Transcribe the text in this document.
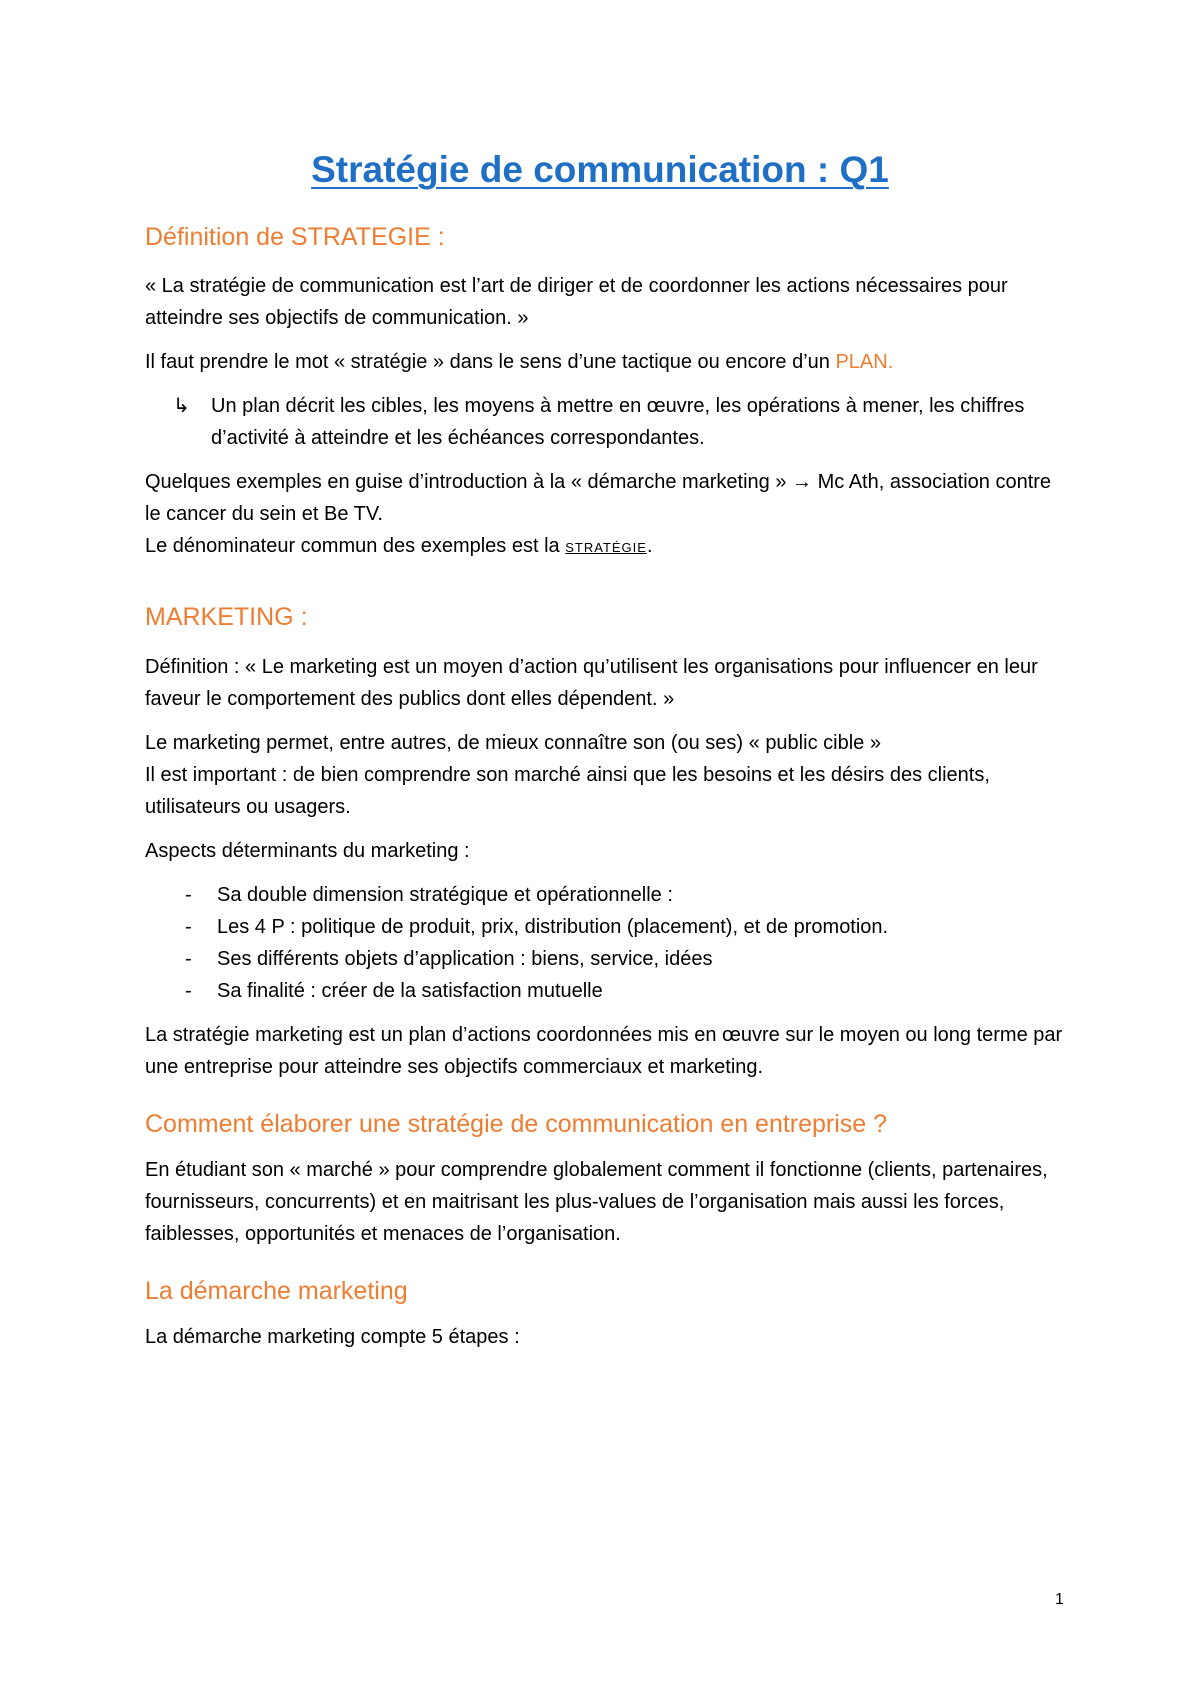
Stratégie de communication : Q1
Définition de STRATEGIE :

« La stratégie de communication est l’art de diriger et de coordonner les actions nécessaires pour atteindre ses objectifs de communication. »

Il faut prendre le mot « stratégie » dans le sens d’une tactique ou encore d’un PLAN.

↳	Un plan décrit les cibles, les moyens à mettre en œuvre, les opérations à mener, les chiffres d’activité à atteindre et les échéances correspondantes.

Quelques exemples en guise d’introduction à la « démarche marketing » → Mc Ath, association contre le cancer du sein et Be TV.

Le dénominateur commun des exemples est la STRATÉGIE.

MARKETING :

Définition : « Le marketing est un moyen d’action qu’utilisent les organisations pour influencer en leur faveur le comportement des publics dont elles dépendent. »

Le marketing permet, entre autres, de mieux connaître son (ou ses) « public cible »

Il est important : de bien comprendre son marché ainsi que les besoins et les désirs des clients, utilisateurs ou usagers.

Aspects déterminants du marketing :

-	Sa double dimension stratégique et opérationnelle :
-	Les 4 P : politique de produit, prix, distribution (placement), et de promotion.
-	Ses différents objets d’application : biens, service, idées
-	Sa finalité : créer de la satisfaction mutuelle

La stratégie marketing est un plan d’actions coordonnées mis en œuvre sur le moyen ou long terme par une entreprise pour atteindre ses objectifs commerciaux et marketing.

Comment élaborer une stratégie de communication en entreprise ?

En étudiant son « marché » pour comprendre globalement comment il fonctionne (clients, partenaires, fournisseurs, concurrents) et en maitrisant les plus-values de l’organisation mais aussi les forces, faiblesses, opportunités et menaces de l’organisation.

La démarche marketing

La démarche marketing compte 5 étapes :

1
